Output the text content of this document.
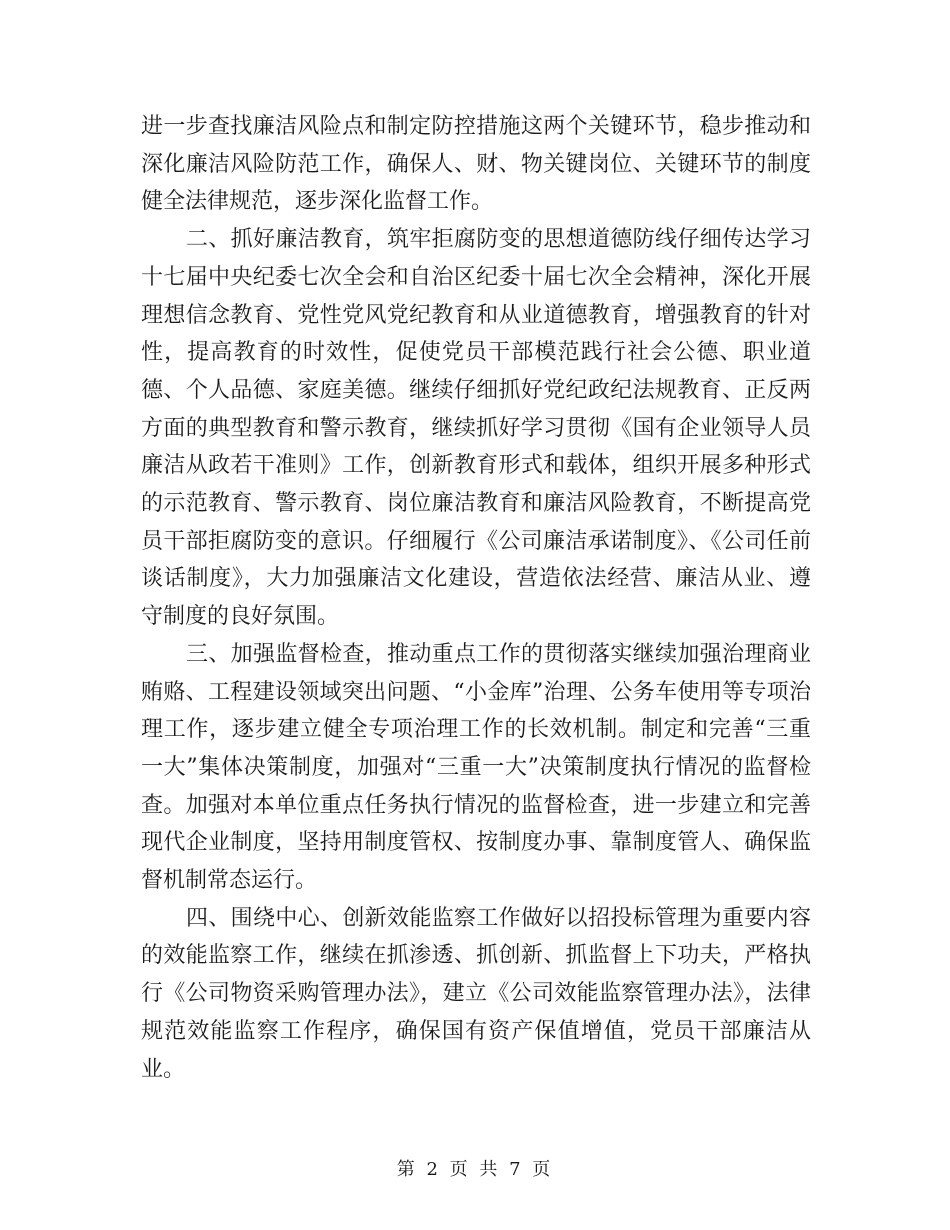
进一步查找廉洁风险点和制定防控措施这两个关键环节，稳步推动和深化廉洁风险防范工作，确保人、财、物关键岗位、关键环节的制度健全法律规范，逐步深化监督工作。

二、抓好廉洁教育，筑牢拒腐防变的思想道德防线仔细传达学习十七届中央纪委七次全会和自治区纪委十届七次全会精神，深化开展理想信念教育、党性党风党纪教育和从业道德教育，增强教育的针对性，提高教育的时效性，促使党员干部模范践行社会公德、职业道德、个人品德、家庭美德。继续仔细抓好党纪政纪法规教育、正反两方面的典型教育和警示教育，继续抓好学习贯彻《国有企业领导人员廉洁从政若干准则》工作，创新教育形式和载体，组织开展多种形式的示范教育、警示教育、岗位廉洁教育和廉洁风险教育，不断提高党员干部拒腐防变的意识。仔细履行《公司廉洁承诺制度》、《公司任前谈话制度》，大力加强廉洁文化建设，营造依法经营、廉洁从业、遵守制度的良好氛围。

三、加强监督检查，推动重点工作的贯彻落实继续加强治理商业贿赂、工程建设领域突出问题、“小金库”治理、公务车使用等专项治理工作，逐步建立健全专项治理工作的长效机制。制定和完善“三重一大”集体决策制度，加强对“三重一大”决策制度执行情况的监督检查。加强对本单位重点任务执行情况的监督检查，进一步建立和完善现代企业制度，坚持用制度管权、按制度办事、靠制度管人、确保监督机制常态运行。

四、围绕中心、创新效能监察工作做好以招投标管理为重要内容的效能监察工作，继续在抓渗透、抓创新、抓监督上下功夫，严格执行《公司物资采购管理办法》，建立《公司效能监察管理办法》，法律规范效能监察工作程序，确保国有资产保值增值，党员干部廉洁从业。

第 2 页 共 7 页
